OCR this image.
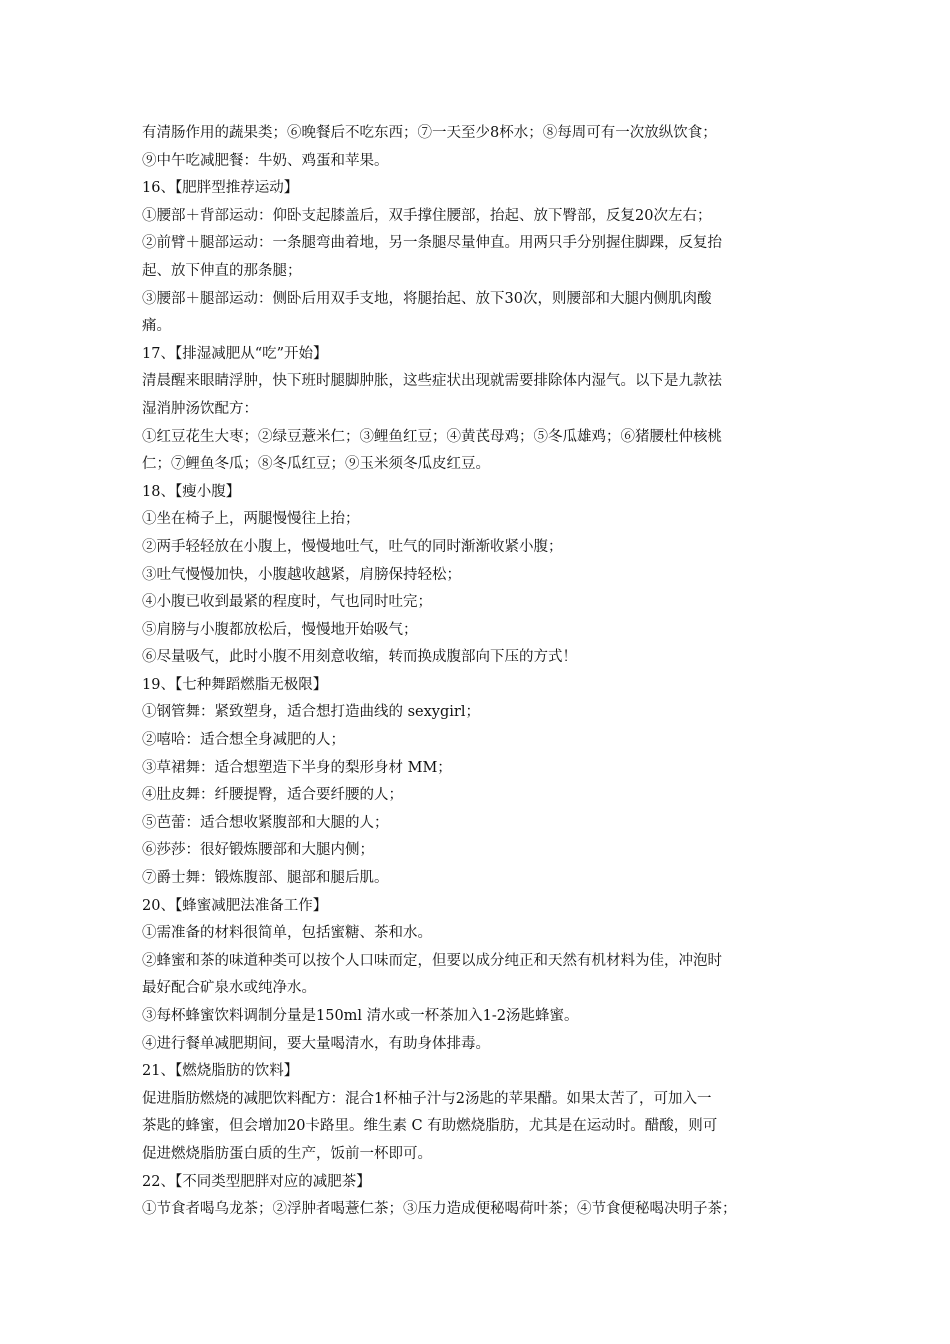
有清肠作用的蔬果类；⑥晚餐后不吃东西；⑦一天至少8杯水；⑧每周可有一次放纵饮食；
⑨中午吃减肥餐：牛奶、鸡蛋和苹果。
16、【肥胖型推荐运动】
①腰部＋背部运动：仰卧支起膝盖后，双手撑住腰部，抬起、放下臀部，反复20次左右；
②前臂＋腿部运动：一条腿弯曲着地，另一条腿尽量伸直。用两只手分别握住脚踝，反复抬
起、放下伸直的那条腿；
③腰部＋腿部运动：侧卧后用双手支地，将腿抬起、放下30次，则腰部和大腿内侧肌肉酸
痛。
17、【排湿减肥从“吃”开始】
清晨醒来眼睛浮肿，快下班时腿脚肿胀，这些症状出现就需要排除体内湿气。以下是九款祛
湿消肿汤饮配方：
①红豆花生大枣；②绿豆薏米仁；③鲤鱼红豆；④黄芪母鸡；⑤冬瓜雄鸡；⑥猪腰杜仲核桃
仁；⑦鲤鱼冬瓜；⑧冬瓜红豆；⑨玉米须冬瓜皮红豆。
18、【瘦小腹】
①坐在椅子上，两腿慢慢往上抬；
②两手轻轻放在小腹上，慢慢地吐气，吐气的同时渐渐收紧小腹；
③吐气慢慢加快，小腹越收越紧，肩膀保持轻松；
④小腹已收到最紧的程度时，气也同时吐完；
⑤肩膀与小腹都放松后，慢慢地开始吸气；
⑥尽量吸气，此时小腹不用刻意收缩，转而换成腹部向下压的方式！
19、【七种舞蹈燃脂无极限】
①钢管舞：紧致塑身，适合想打造曲线的 sexygirl；
②嘻哈：适合想全身减肥的人；
③草裙舞：适合想塑造下半身的梨形身材 MM；
④肚皮舞：纤腰提臀，适合要纤腰的人；
⑤芭蕾：适合想收紧腹部和大腿的人；
⑥莎莎：很好锻炼腰部和大腿内侧；
⑦爵士舞：锻炼腹部、腿部和腿后肌。
20、【蜂蜜减肥法准备工作】
①需准备的材料很简单，包括蜜糖、茶和水。
②蜂蜜和茶的味道种类可以按个人口味而定，但要以成分纯正和天然有机材料为佳，冲泡时
最好配合矿泉水或纯净水。
③每杯蜂蜜饮料调制分量是150ml 清水或一杯茶加入1-2汤匙蜂蜜。
④进行餐单减肥期间，要大量喝清水，有助身体排毒。
21、【燃烧脂肪的饮料】
促进脂肪燃烧的减肥饮料配方：混合1杯柚子汁与2汤匙的苹果醋。如果太苦了，可加入一
茶匙的蜂蜜，但会增加20卡路里。维生素 C 有助燃烧脂肪，尤其是在运动时。醋酸，则可
促进燃烧脂肪蛋白质的生产，饭前一杯即可。
22、【不同类型肥胖对应的减肥茶】
①节食者喝乌龙茶；②浮肿者喝薏仁茶；③压力造成便秘喝荷叶茶；④节食便秘喝决明子茶；
